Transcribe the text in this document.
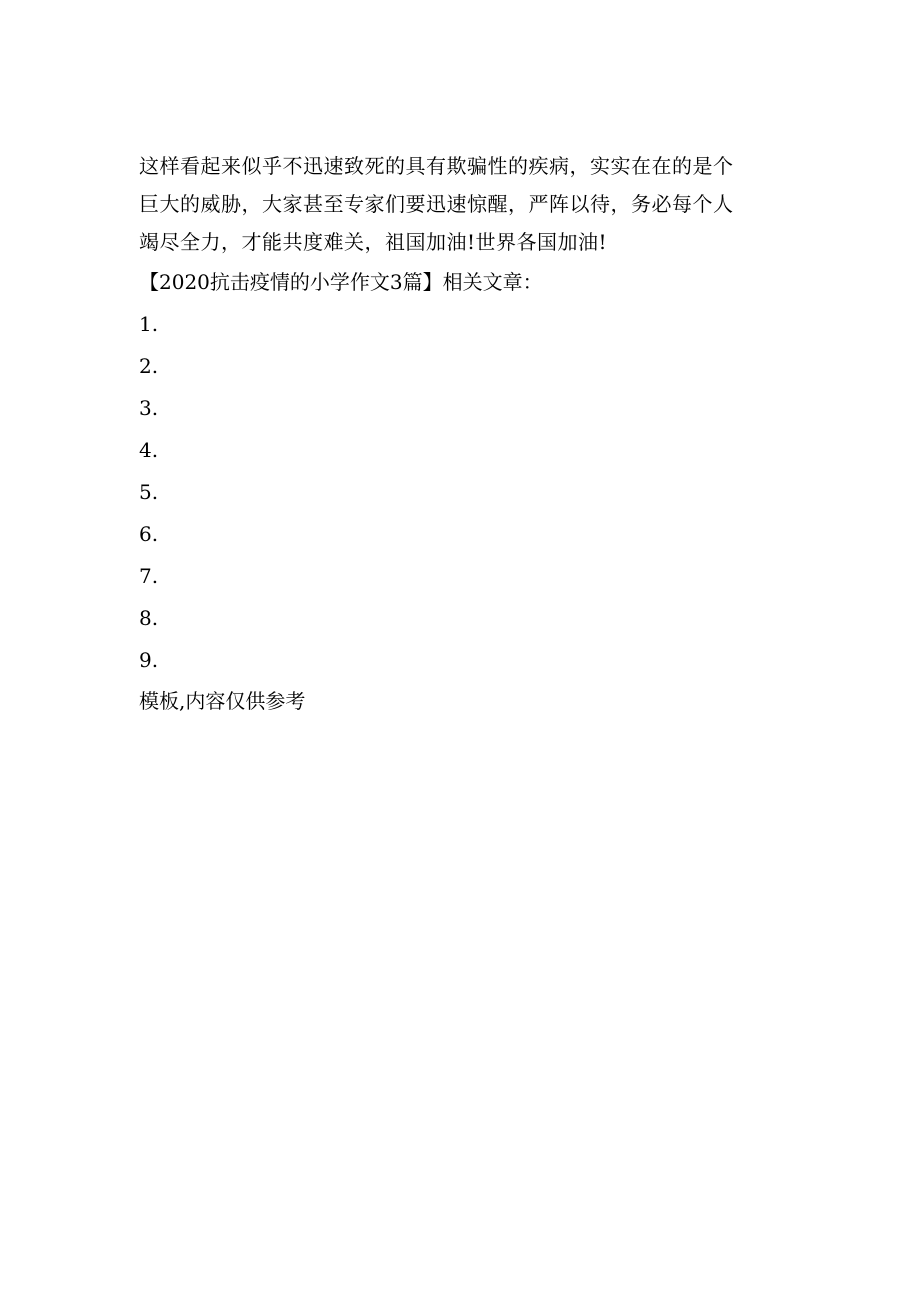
这样看起来似乎不迅速致死的具有欺骗性的疾病，实实在在的是个

巨大的威胁，大家甚至专家们要迅速惊醒，严阵以待，务必每个人

竭尽全力，才能共度难关，祖国加油!世界各国加油!

【2020抗击疫情的小学作文3篇】相关文章：

1.
2.
3.
4.
5.
6.
7.
8.
9.

模板,内容仅供参考
